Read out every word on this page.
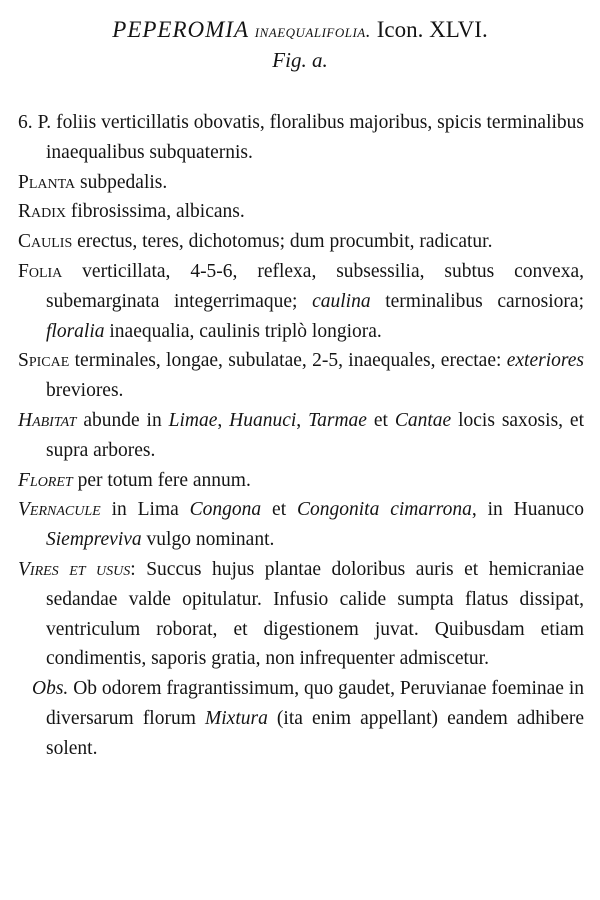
PEPEROMIA inaequalifolia. Icon. XLVI.
Fig. a.
6. P. foliis verticillatis obovatis, floralibus majoribus, spicis terminalibus inaequalibus subquaternis.
Planta subpedalis.
Radix fibrosissima, albicans.
Caulis erectus, teres, dichotomus; dum procumbit, radicatur.
Folia verticillata, 4-5-6, reflexa, subsessilia, subtus convexa, subemarginata integerrimaque; caulina terminalibus carnosiora; floralia inaequalia, caulinis triplò longiora.
Spicae terminales, longae, subulatae, 2-5, inaequales, erectae: exteriores breviores.
Habitat abunde in Limae, Huanuci, Tarmae et Cantae locis saxosis, et supra arbores.
Floret per totum fere annum.
Vernacule in Lima Congona et Congonita cimarrona, in Huanuco Siempreviva vulgo nominant.
Vires et usus: Succus hujus plantae doloribus auris et hemicraniae sedandae valde opitulatur. Infusio calide sumpta flatus dissipat, ventriculum roborat, et digestionem juvat. Quibusdam etiam condimentis, saporis gratia, non infrequenter admiscetur.
Obs. Ob odorem fragrantissimum, quo gaudet, Peruvianae foeminae in diversarum florum Mixtura (ita enim appellant) eandem adhibere solent.
